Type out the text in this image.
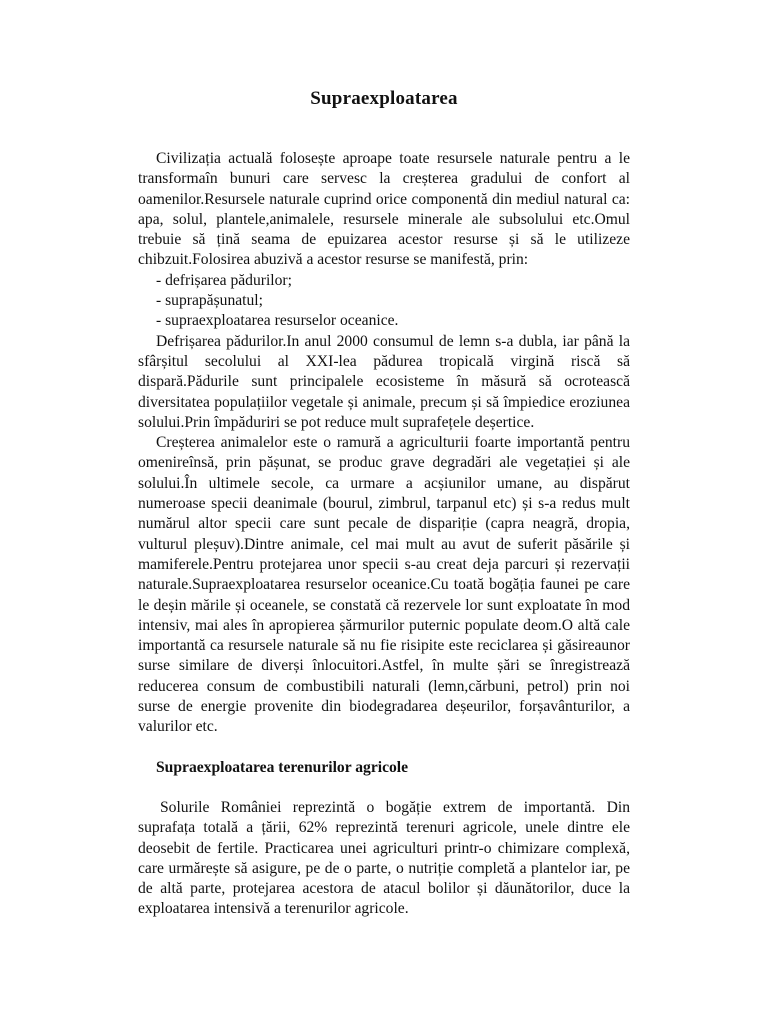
Supraexploatarea

Civilizația actuală folosește aproape toate resursele naturale pentru a le transformaîn bunuri care servesc la creșterea gradului de confort al oamenilor.Resursele naturale cuprind orice componentă din mediul natural ca: apa, solul, plantele,animalele, resursele minerale ale subsolului etc.Omul trebuie să țină seama de epuizarea acestor resurse și să le utilizeze chibzuit.Folosirea abuzivă a acestor resurse se manifestă, prin:

- defrișarea pădurilor;

- suprapășunatul;

- supraexploatarea resurselor oceanice.

Defrișarea pădurilor.In anul 2000 consumul de lemn s-a dubla, iar până la sfârșitul secolului al XXI-lea pădurea tropicală virgină riscă să dispară.Pădurile sunt principalele ecosisteme în măsură să ocrotească diversitatea populațiilor vegetale și animale, precum și să împiedice eroziunea solului.Prin împăduriri se pot reduce mult suprafețele deșertice.

Creșterea animalelor este o ramură a agriculturii foarte importantă pentru omenireînsă, prin pășunat, se produc grave degradări ale vegetației și ale solului.În ultimele secole, ca urmare a acșiunilor umane, au dispărut numeroase specii deanimale (bourul, zimbrul, tarpanul etc) și s-a redus mult numărul altor specii care sunt pecale de dispariție (capra neagră, dropia, vulturul pleșuv).Dintre animale, cel mai mult au avut de suferit păsările și mamiferele.Pentru protejarea unor specii s-au creat deja parcuri și rezervații naturale.Supraexploatarea resurselor oceanice.Cu toată bogăția faunei pe care le deșin mările și oceanele, se constată că rezervele lor sunt exploatate în mod intensiv, mai ales în apropierea șărmurilor puternic populate deom.O altă cale importantă ca resursele naturale să nu fie risipite este reciclarea și găsireaunor surse similare de diverși înlocuitori.Astfel, în multe șări se înregistrează reducerea consum de combustibili naturali (lemn,cărbuni, petrol) prin noi surse de energie provenite din biodegradarea deșeurilor, forșavânturilor, a valurilor etc.

Supraexploatarea terenurilor agricole

Solurile României reprezintă o bogăție extrem de importantă. Din suprafața totală a țării, 62% reprezintă terenuri agricole, unele dintre ele deosebit de fertile. Practicarea unei agriculturi printr-o chimizare complexă, care urmărește să asigure, pe de o parte, o nutriție completă a plantelor iar, pe de altă parte, protejarea acestora de atacul bolilor și dăunătorilor, duce la exploatarea intensivă a terenurilor agricole.
